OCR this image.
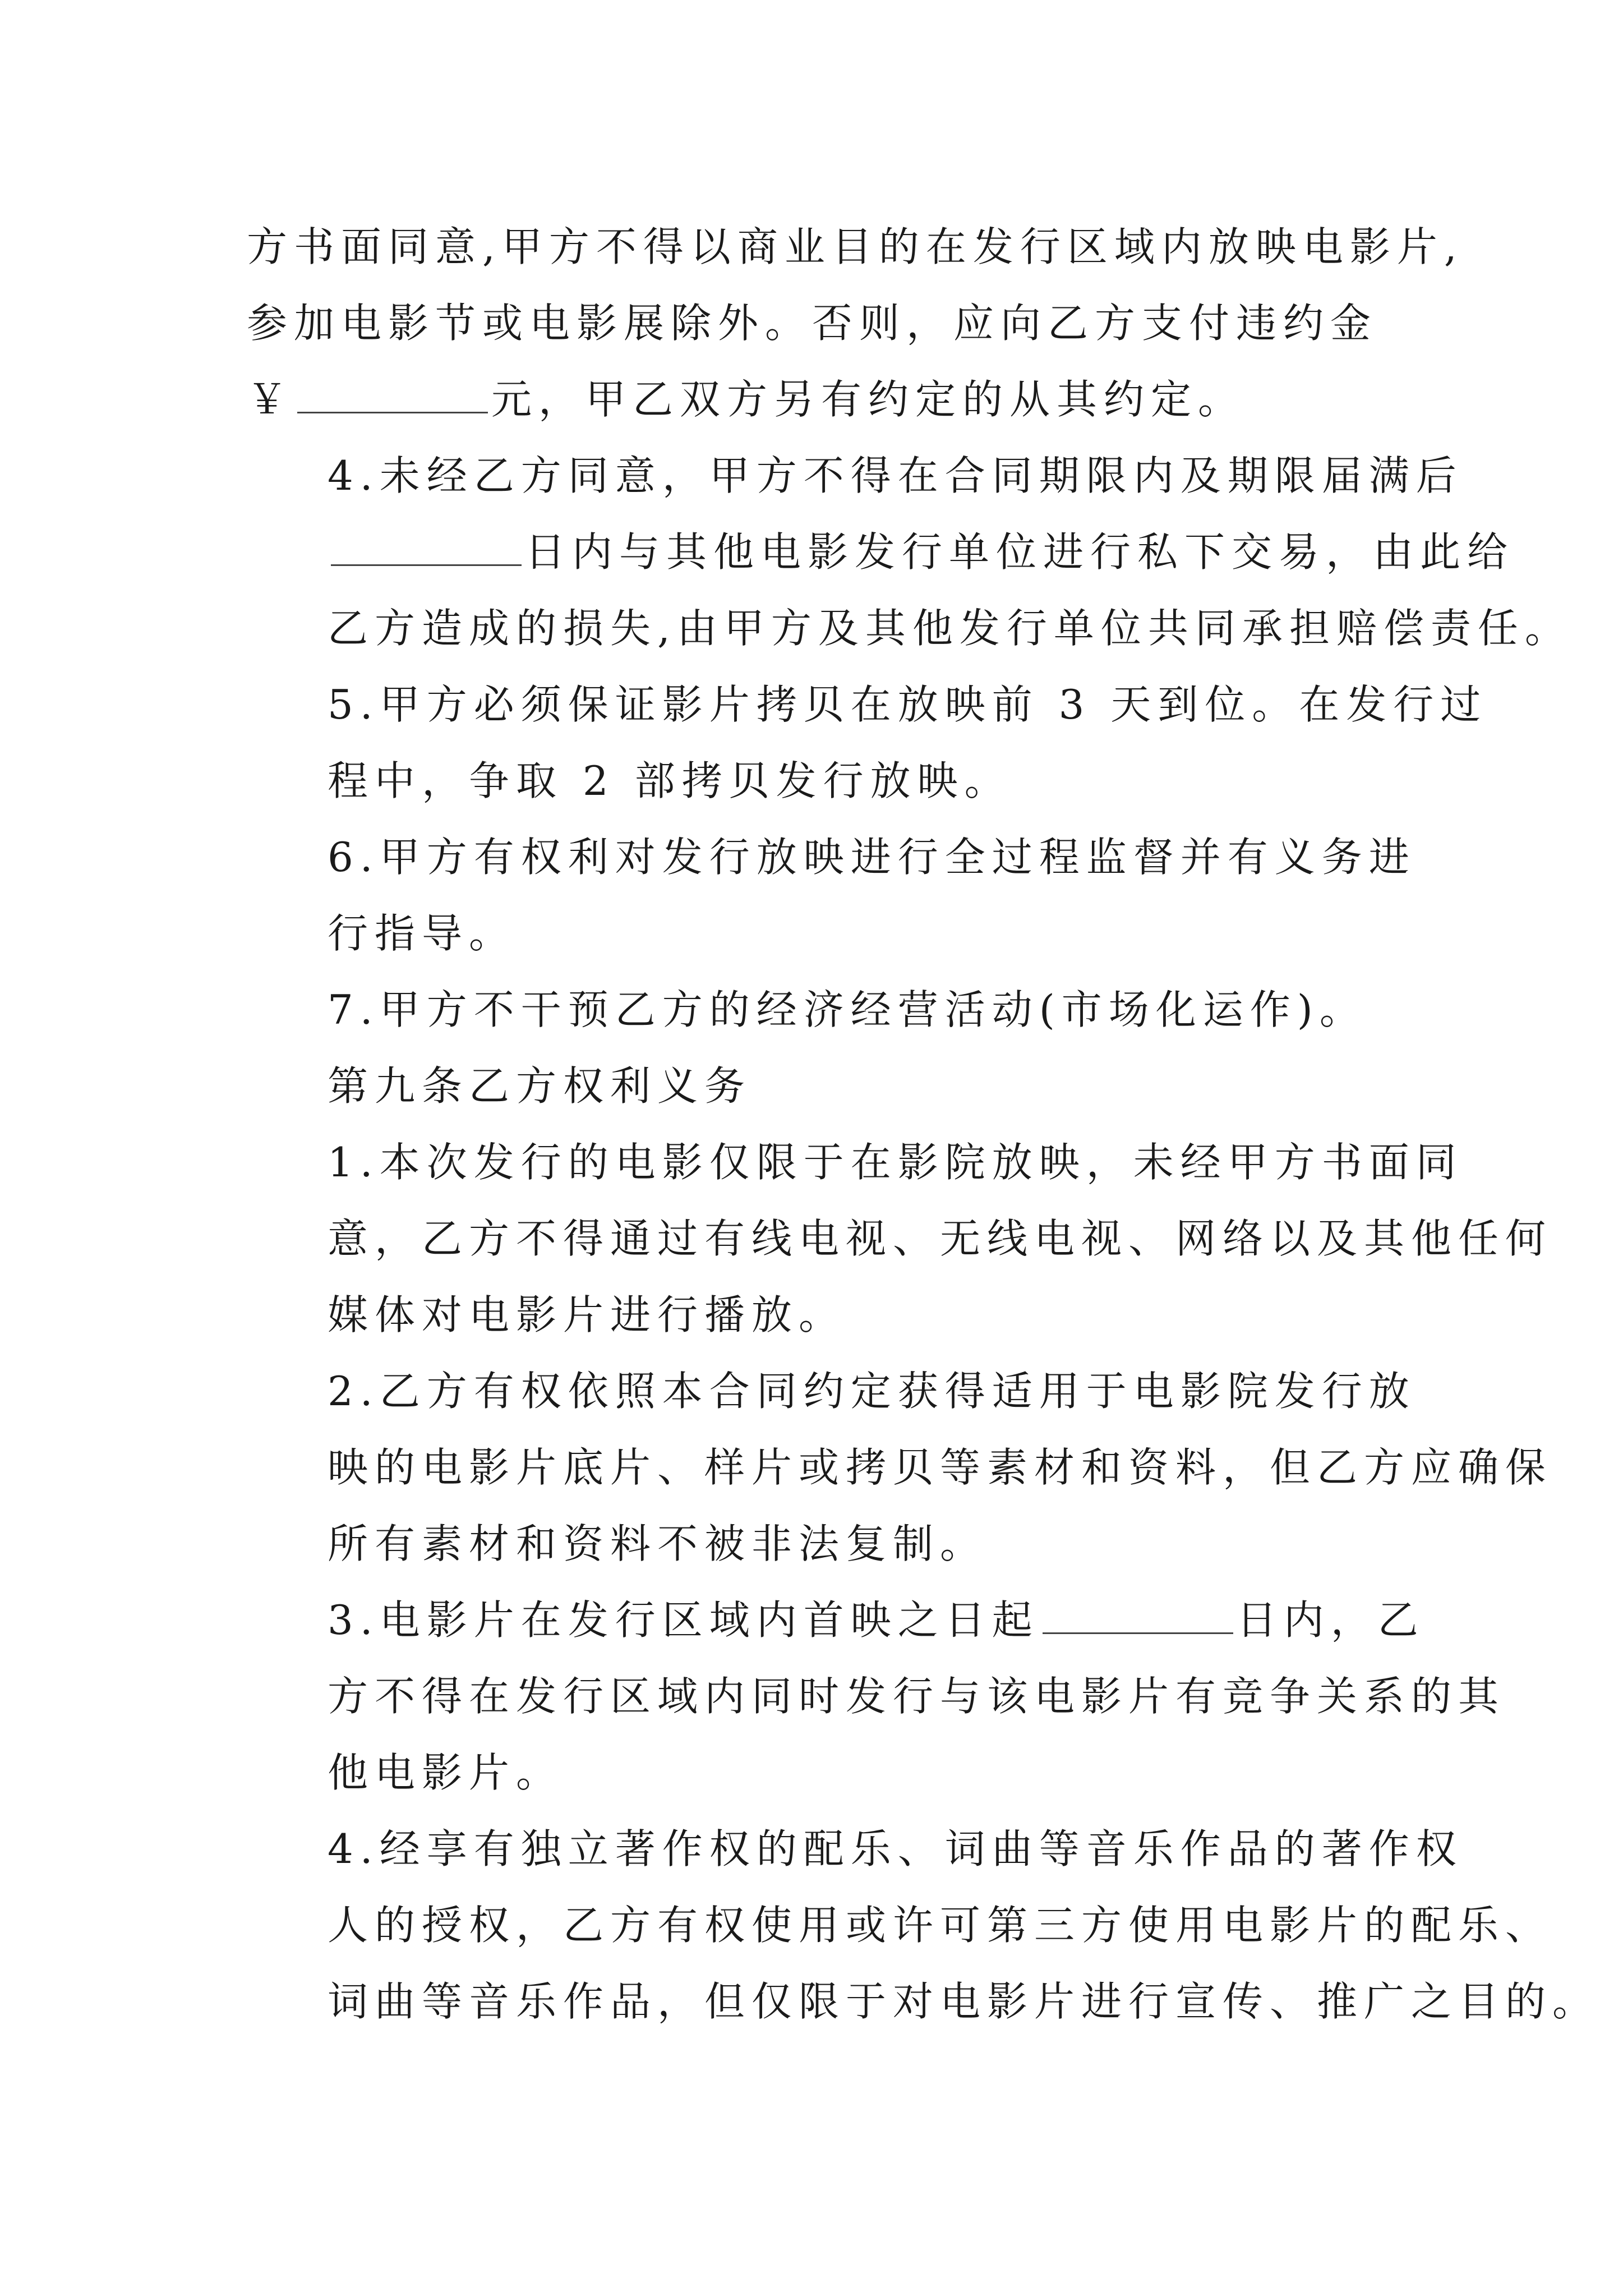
方书面同意,甲方不得以商业目的在发行区域内放映电影片,
参加电影节或电影展除外。否则，应向乙方支付违约金
￥	元，甲乙双方另有约定的从其约定。

4.未经乙方同意，甲方不得在合同期限内及期限届满后
日内与其他电影发行单位进行私下交易，由此给
乙方造成的损失,由甲方及其他发行单位共同承担赔偿责任。

5.甲方必须保证影片拷贝在放映前 3 天到位。在发行过
程中，争取 2 部拷贝发行放映。

6.甲方有权利对发行放映进行全过程监督并有义务进
行指导。

7.甲方不干预乙方的经济经营活动(市场化运作)。

第九条乙方权利义务

1.本次发行的电影仅限于在影院放映，未经甲方书面同
意，乙方不得通过有线电视、无线电视、网络以及其他任何
媒体对电影片进行播放。

2.乙方有权依照本合同约定获得适用于电影院发行放
映的电影片底片、样片或拷贝等素材和资料，但乙方应确保
所有素材和资料不被非法复制。

3.电影片在发行区域内首映之日起	日内，乙
方不得在发行区域内同时发行与该电影片有竞争关系的其
他电影片。

4.经享有独立著作权的配乐、词曲等音乐作品的著作权
人的授权，乙方有权使用或许可第三方使用电影片的配乐、
词曲等音乐作品，但仅限于对电影片进行宣传、推广之目的。
